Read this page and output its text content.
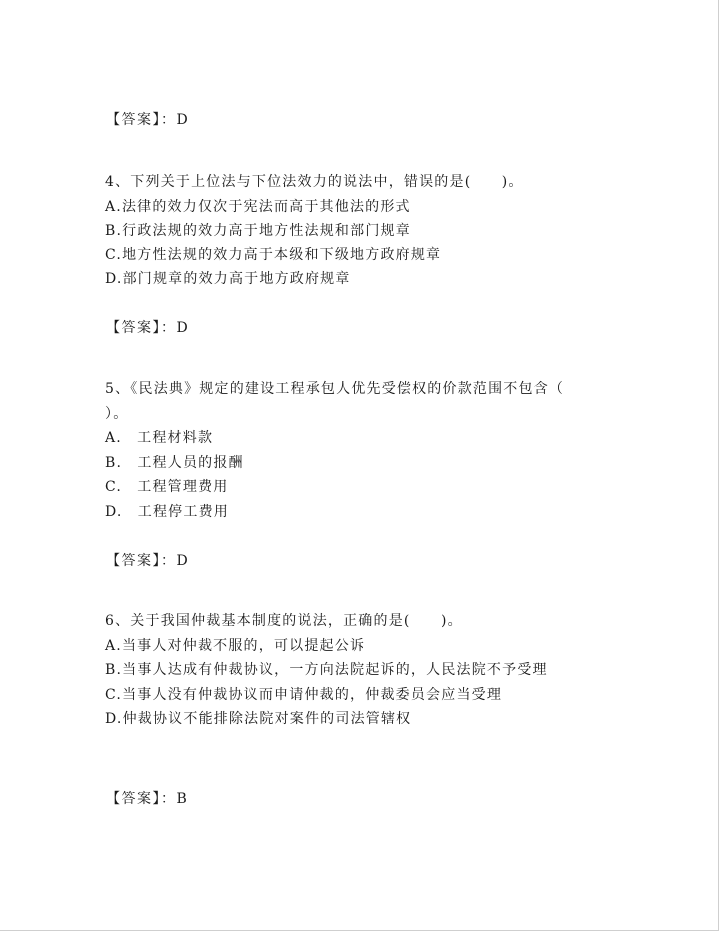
【答案】：D
4、下列关于上位法与下位法效力的说法中，错误的是(　　)。
A.法律的效力仅次于宪法而高于其他法的形式
B.行政法规的效力高于地方性法规和部门规章
C.地方性法规的效力高于本级和下级地方政府规章
D.部门规章的效力高于地方政府规章
【答案】：D
5、《民法典》规定的建设工程承包人优先受偿权的价款范围不包含（
）。
A.　工程材料款
B.　工程人员的报酬
C.　工程管理费用
D.　工程停工费用
【答案】：D
6、关于我国仲裁基本制度的说法，正确的是(　　)。
A.当事人对仲裁不服的，可以提起公诉
B.当事人达成有仲裁协议，一方向法院起诉的，人民法院不予受理
C.当事人没有仲裁协议而申请仲裁的，仲裁委员会应当受理
D.仲裁协议不能排除法院对案件的司法管辖权
【答案】：B
